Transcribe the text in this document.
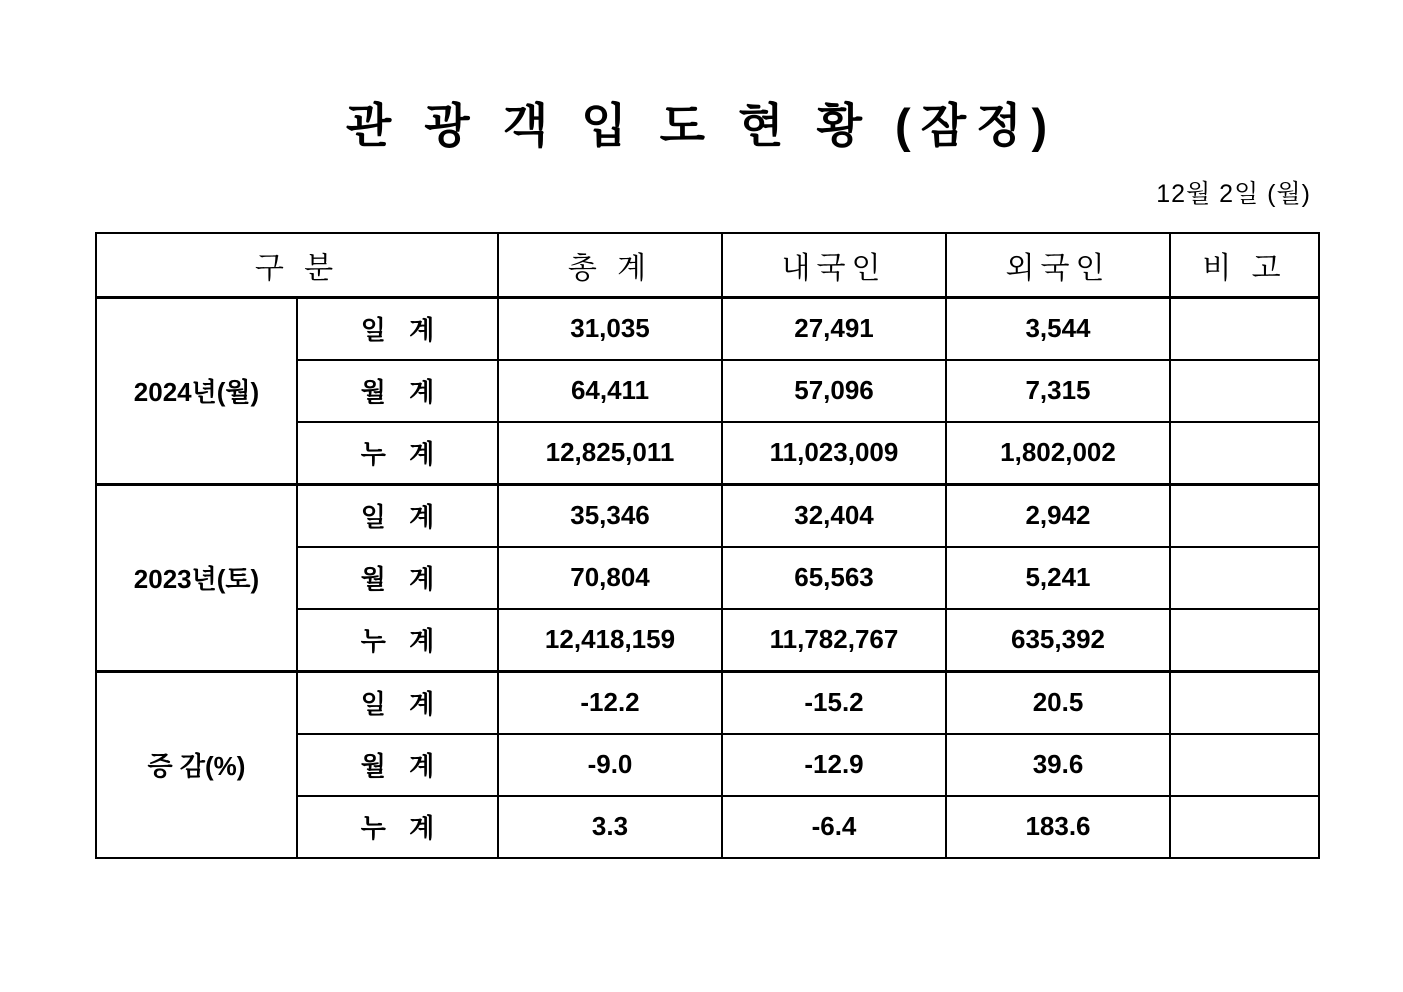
관 광 객 입 도 현 황 (잠정)
12월 2일 (월)
구 분		총 계	내국인	외국인	비 고
2024년(월)	일 계	31,035	27,491	3,544	
	월 계	64,411	57,096	7,315	
	누 계	12,825,011	11,023,009	1,802,002	
2023년(토)	일 계	35,346	32,404	2,942	
	월 계	70,804	65,563	5,241	
	누 계	12,418,159	11,782,767	635,392	
증 감(%)	일 계	-12.2	-15.2	20.5	
	월 계	-9.0	-12.9	39.6	
	누 계	3.3	-6.4	183.6	
